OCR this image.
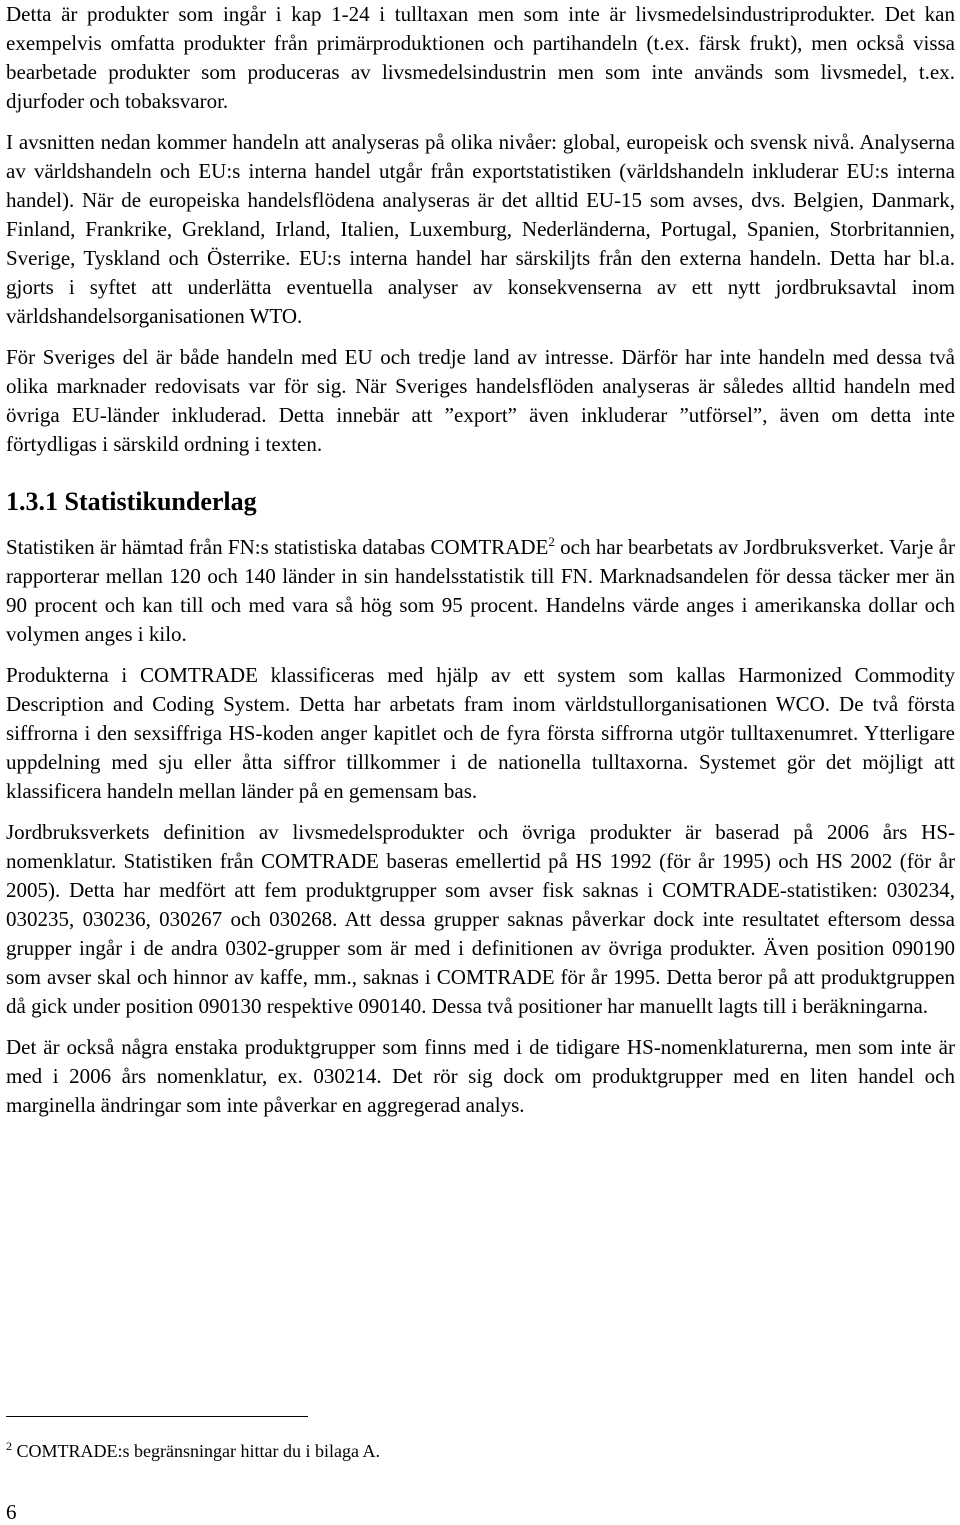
Detta är produkter som ingår i kap 1-24 i tulltaxan men som inte är livsmedelsindustriprodukter. Det kan exempelvis omfatta produkter från primärproduktionen och partihandeln (t.ex. färsk frukt), men också vissa bearbetade produkter som produceras av livsmedelsindustrin men som inte används som livsmedel, t.ex. djurfoder och tobaksvaror.

I avsnitten nedan kommer handeln att analyseras på olika nivåer: global, europeisk och svensk nivå. Analyserna av världshandeln och EU:s interna handel utgår från exportstatistiken (världshandeln inkluderar EU:s interna handel). När de europeiska handelsflödena analyseras är det alltid EU-15 som avses, dvs. Belgien, Danmark, Finland, Frankrike, Grekland, Irland, Italien, Luxemburg, Nederländerna, Portugal, Spanien, Storbritannien, Sverige, Tyskland och Österrike. EU:s interna handel har särskiljts från den externa handeln. Detta har bl.a. gjorts i syftet att underlätta eventuella analyser av konsekvenserna av ett nytt jordbruksavtal inom världshandelsorganisationen WTO.

För Sveriges del är både handeln med EU och tredje land av intresse. Därför har inte handeln med dessa två olika marknader redovisats var för sig. När Sveriges handelsflöden analyseras är således alltid handeln med övriga EU-länder inkluderad. Detta innebär att ”export” även inkluderar ”utförsel”, även om detta inte förtydligas i särskild ordning i texten.

1.3.1 Statistikunderlag

Statistiken är hämtad från FN:s statistiska databas COMTRADE$^2$ och har bearbetats av Jordbruksverket. Varje år rapporterar mellan 120 och 140 länder in sin handelsstatistik till FN. Marknadsandelen för dessa täcker mer än 90 procent och kan till och med vara så hög som 95 procent. Handelns värde anges i amerikanska dollar och volymen anges i kilo.

Produkterna i COMTRADE klassificeras med hjälp av ett system som kallas Harmonized Commodity Description and Coding System. Detta har arbetats fram inom världstullorganisationen WCO. De två första siffrorna i den sexsiffriga HS-koden anger kapitlet och de fyra första siffrorna utgör tulltaxenumret. Ytterligare uppdelning med sju eller åtta siffror tillkommer i de nationella tulltaxorna. Systemet gör det möjligt att klassificera handeln mellan länder på en gemensam bas.

Jordbruksverkets definition av livsmedelsprodukter och övriga produkter är baserad på 2006 års HS-nomenklatur. Statistiken från COMTRADE baseras emellertid på HS 1992 (för år 1995) och HS 2002 (för år 2005). Detta har medfört att fem produktgrupper som avser fisk saknas i COMTRADE-statistiken: 030234, 030235, 030236, 030267 och 030268. Att dessa grupper saknas påverkar dock inte resultatet eftersom dessa grupper ingår i de andra 0302-grupper som är med i definitionen av övriga produkter. Även position 090190 som avser skal och hinnor av kaffe, mm., saknas i COMTRADE för år 1995. Detta beror på att produktgruppen då gick under position 090130 respektive 090140. Dessa två positioner har manuellt lagts till i beräkningarna.

Det är också några enstaka produktgrupper som finns med i de tidigare HS-nomenklaturerna, men som inte är med i 2006 års nomenklatur, ex. 030214. Det rör sig dock om produktgrupper med en liten handel och marginella ändringar som inte påverkar en aggregerad analys.

$^2$ COMTRADE:s begränsningar hittar du i bilaga A.
6
